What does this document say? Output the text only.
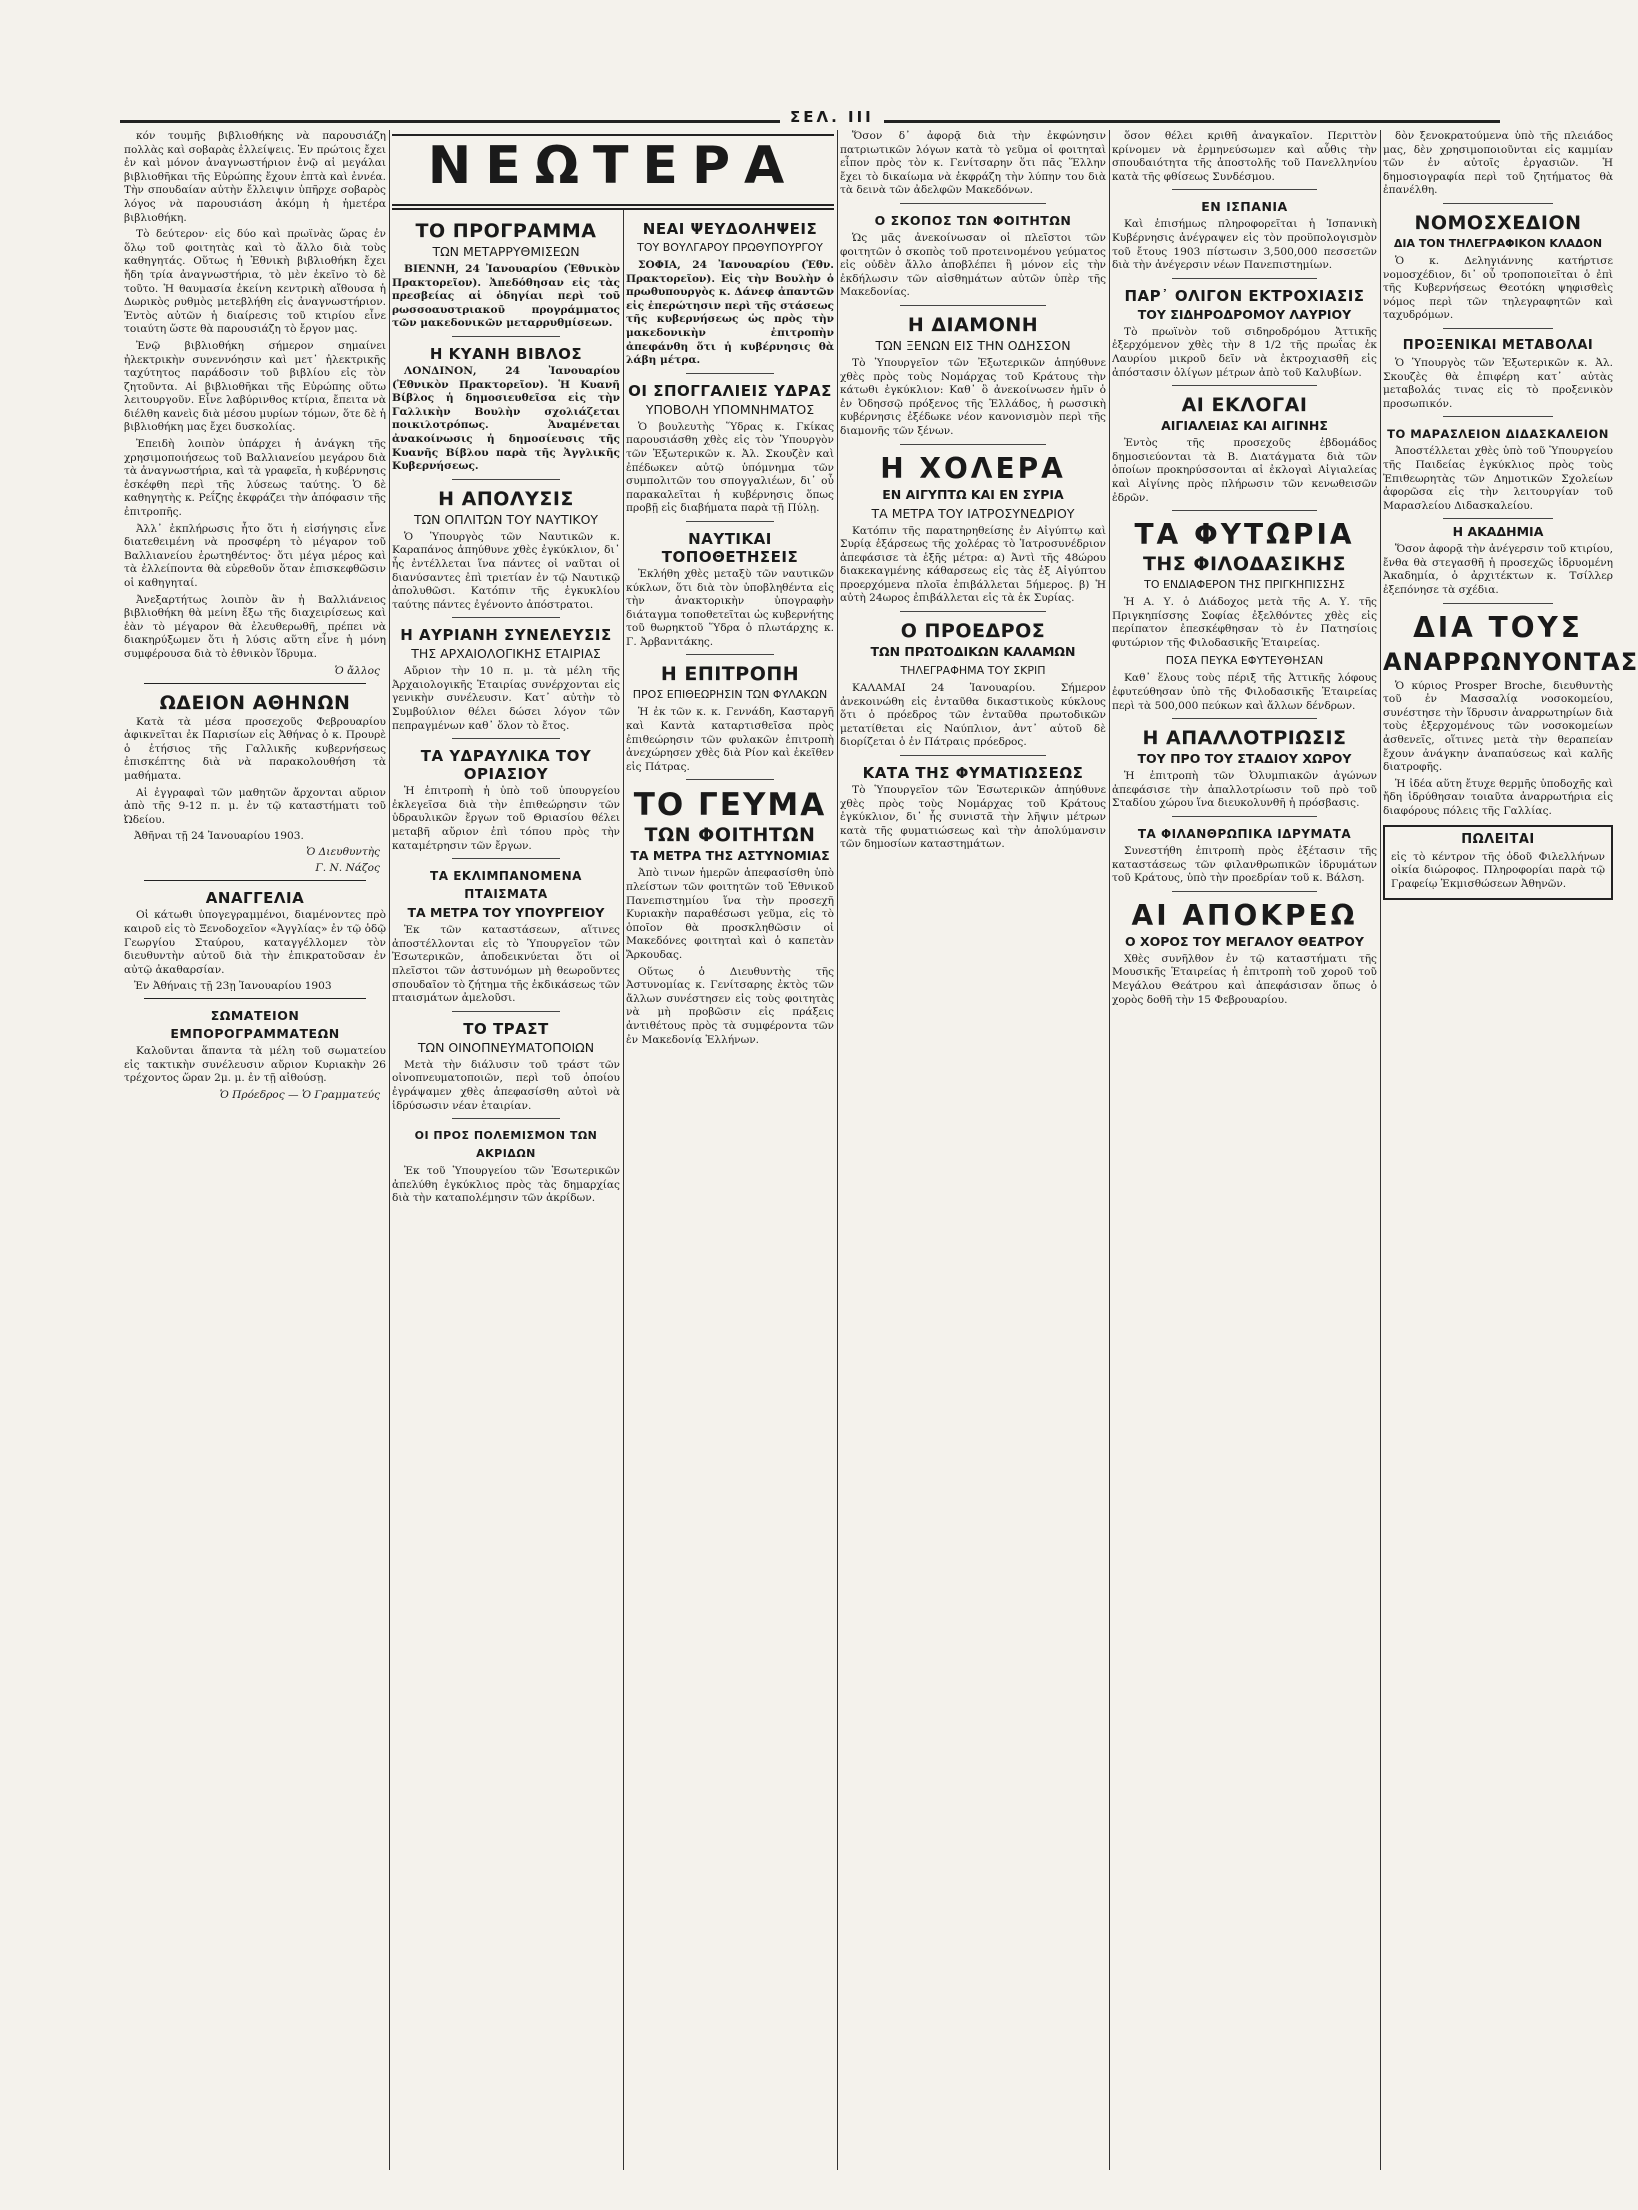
ΣΕΛ. III
ΝΕΩΤΕΡΑ

κόν τουμῆς βιβλιοθήκης νὰ παρουσιάζη πολλὰς καὶ σοβαρὰς ἐλλείψεις. Ἐν πρώτοις ἔχει ἐν καὶ μόνον ἀναγνωστήριον ἐνῷ αἱ μεγάλαι βιβλιοθῆκαι τῆς Εὐρώπης ἔχουν ἑπτὰ καὶ ἐννέα. Τὴν σπουδαίαν αὐτὴν ἔλλειψιν ὑπῆρχε σοβαρὸς λόγος νὰ παρουσιάση ἀκόμη ἡ ἡμετέρα βιβλιοθήκη.

Τὸ δεύτερον· εἰς δύο καὶ πρωϊνὰς ὥρας ἐν ὅλῳ τοῦ φοιτητὰς καὶ τὸ ἄλλο διὰ τοὺς καθηγητάς. Οὕτως ἡ Ἐθνικὴ βιβλιοθήκη ἔχει ἤδη τρία ἀναγνωστήρια, τὸ μὲν ἐκεῖνο τὸ δὲ τοῦτο. Ἡ θαυμασία ἐκείνη κεντρικὴ αἴθουσα ἡ Δωρικὸς ρυθμὸς μετεβλήθη εἰς ἀναγνωστήριον. Ἐντὸς αὐτῶν ἡ διαίρεσις τοῦ κτιρίου εἶνε τοιαύτη ὥστε θὰ παρουσιάζη τὸ ἔργον μας.

Ἐνῷ βιβλιοθήκη σήμερον σημαίνει ἠλεκτρικὴν συνεννόησιν καὶ μετ᾿ ἠλεκτρικῆς ταχύτητος παράδοσιν τοῦ βιβλίου εἰς τὸν ζητοῦντα. Αἱ βιβλιοθῆκαι τῆς Εὐρώπης οὕτω λειτουργοῦν. Εἶνε λαβύρινθος κτίρια, ἔπειτα νὰ διέλθη κανεὶς διὰ μέσου μυρίων τόμων, ὅτε δὲ ἡ βιβλιοθήκη μας ἔχει δυσκολίας.

Ἐπειδὴ λοιπὸν ὑπάρχει ἡ ἀνάγκη τῆς χρησιμοποιήσεως τοῦ Βαλλιανείου μεγάρου διὰ τὰ ἀναγνωστήρια, καὶ τὰ γραφεῖα, ἡ κυβέρνησις ἐσκέφθη περὶ τῆς λύσεως ταύτης. Ὁ δὲ καθηγητὴς κ. Ρεΐζης ἐκφράζει τὴν ἀπόφασιν τῆς ἐπιτροπῆς.

Ἀλλ᾿ ἐκπλήρωσις ἦτο ὅτι ἡ εἰσήγησις εἶνε διατεθειμένη νὰ προσφέρη τὸ μέγαρον τοῦ Βαλλιανείου ἐρωτηθέντος· ὅτι μέγα μέρος καὶ τὰ ἐλλείποντα θὰ εὑρεθοῦν ὅταν ἐπισκεφθῶσιν οἱ καθηγηταί.

Ἀνεξαρτήτως λοιπὸν ἂν ἡ Βαλλιάνειος βιβλιοθήκη θὰ μείνη ἔξω τῆς διαχειρίσεως καὶ ἐὰν τὸ μέγαρον θὰ ἐλευθερωθῆ, πρέπει νὰ διακηρύξωμεν ὅτι ἡ λύσις αὕτη εἶνε ἡ μόνη συμφέρουσα διὰ τὸ ἐθνικὸν ἵδρυμα.

Ὁ ἄλλος
ΩΔΕΙΟΝ ΑΘΗΝΩΝ

Κατὰ τὰ μέσα προσεχοῦς Φεβρουαρίου ἀφικνεῖται ἐκ Παρισίων εἰς Ἀθήνας ὁ κ. Προυρὲ ὁ ἐτήσιος τῆς Γαλλικῆς κυβερνήσεως ἐπισκέπτης διὰ νὰ παρακολουθήση τὰ μαθήματα.

Αἱ ἐγγραφαὶ τῶν μαθητῶν ἄρχονται αὔριον ἀπὸ τῆς 9-12 π. μ. ἐν τῷ καταστήματι τοῦ Ὠδείου.

Ἀθῆναι τῇ 24 Ἰανουαρίου 1903.
Ὁ Διευθυντὴς
Γ. Ν. Νάζος
ΑΝΑΓΓΕΛΙΑ

Οἱ κάτωθι ὑπογεγραμμένοι, διαμένοντες πρὸ καιροῦ εἰς τὸ Ξενοδοχεῖον «Ἀγγλίας» ἐν τῷ ὁδῷ Γεωργίου Σταύρου, καταγγέλλομεν τὸν διευθυντὴν αὐτοῦ διὰ τὴν ἐπικρατοῦσαν ἐν αὐτῷ ἀκαθαρσίαν.

Ἐν Ἀθήναις τῇ 23ῃ Ἰανουαρίου 1903
ΣΩΜΑΤΕΙΟΝ ΕΜΠΟΡΟΓΡΑΜΜΑΤΕΩΝ

Καλοῦνται ἅπαντα τὰ μέλη τοῦ σωματείου εἰς τακτικὴν συνέλευσιν αὔριον Κυριακὴν 26 τρέχοντος ὥραν 2μ. μ. ἐν τῇ αἰθούσῃ.

Ὁ Πρόεδρος — Ὁ Γραμματεύς
ΤΟ ΠΡΟΓΡΑΜΜΑ
ΤΩΝ ΜΕΤΑΡΡΥΘΜΙΣΕΩΝ

ΒΙΕΝΝΗ, 24 Ἰανουαρίου (Ἐθνικὸν Πρακτορεῖον). Ἀπεδόθησαν εἰς τὰς πρεσβείας αἱ ὁδηγίαι περὶ τοῦ ρωσσοαυστριακοῦ προγράμματος τῶν μακεδονικῶν μεταρρυθμίσεων.

Η ΚΥΑΝΗ ΒΙΒΛΟΣ

ΛΟΝΔΙΝΟΝ, 24 Ἰανουαρίου (Ἐθνικὸν Πρακτορεῖον). Ἡ Κυανῆ Βίβλος ἡ δημοσιευθεῖσα εἰς τὴν Γαλλικὴν Βουλὴν σχολιάζεται ποικιλοτρόπως. Ἀναμένεται ἀνακοίνωσις ἡ δημοσίευσις τῆς Κυανῆς Βίβλου παρὰ τῆς Ἀγγλικῆς Κυβερνήσεως.

Η ΑΠΟΛΥΣΙΣ
ΤΩΝ ΟΠΛΙΤΩΝ ΤΟΥ ΝΑΥΤΙΚΟΥ

Ὁ Ὑπουργὸς τῶν Ναυτικῶν κ. Καραπάνος ἀπηύθυνε χθὲς ἐγκύκλιον, δι᾿ ἧς ἐντέλλεται ἵνα πάντες οἱ ναῦται οἱ διανύσαντες ἐπὶ τριετίαν ἐν τῷ Ναυτικῷ ἀπολυθῶσι. Κατόπιν τῆς ἐγκυκλίου ταύτης πάντες ἐγένοντο ἀπόστρατοι.

Η ΑΥΡΙΑΝΗ ΣΥΝΕΛΕΥΣΙΣ
ΤΗΣ ΑΡΧΑΙΟΛΟΓΙΚΗΣ ΕΤΑΙΡΙΑΣ

Αὔριον τὴν 10 π. μ. τὰ μέλη τῆς Ἀρχαιολογικῆς Ἑταιρίας συνέρχονται εἰς γενικὴν συνέλευσιν. Κατ᾿ αὐτὴν τὸ Συμβούλιον θέλει δώσει λόγον τῶν πεπραγμένων καθ᾿ ὅλον τὸ ἔτος.

ΤΑ ΥΔΡΑΥΛΙΚΑ ΤΟΥ ΟΡΙΑΣΙΟΥ

Ἡ ἐπιτροπὴ ἡ ὑπὸ τοῦ ὑπουργείου ἐκλεγεῖσα διὰ τὴν ἐπιθεώρησιν τῶν ὑδραυλικῶν ἔργων τοῦ Θριασίου θέλει μεταβῆ αὔριον ἐπὶ τόπου πρὸς τὴν καταμέτρησιν τῶν ἔργων.

ΤΑ ΕΚΛΙΜΠΑΝΟΜΕΝΑ ΠΤΑΙΣΜΑΤΑ
ΤΑ ΜΕΤΡΑ ΤΟΥ ΥΠΟΥΡΓΕΙΟΥ

Ἐκ τῶν καταστάσεων, αἵτινες ἀποστέλλονται εἰς τὸ Ὑπουργεῖον τῶν Ἐσωτερικῶν, ἀποδεικνύεται ὅτι οἱ πλεῖστοι τῶν ἀστυνόμων μὴ θεωροῦντες σπουδαῖον τὸ ζήτημα τῆς ἐκδικάσεως τῶν πταισμάτων ἀμελοῦσι.

ΤΟ ΤΡΑΣΤ
ΤΩΝ ΟΙΝΟΠΝΕΥΜΑΤΟΠΟΙΩΝ

Μετὰ τὴν διάλυσιν τοῦ τράστ τῶν οἰνοπνευματοποιῶν, περὶ τοῦ ὁποίου ἐγράψαμεν χθὲς ἀπεφασίσθη αὐτοὶ νὰ ἱδρύσωσιν νέαν ἑταιρίαν.

ΟΙ ΠΡΟΣ ΠΟΛΕΜΙΣΜΟΝ ΤΩΝ ΑΚΡΙΔΩΝ

Ἐκ τοῦ Ὑπουργείου τῶν Ἐσωτερικῶν ἀπελύθη ἐγκύκλιος πρὸς τὰς δημαρχίας διὰ τὴν καταπολέμησιν τῶν ἀκρίδων.

ΝΕΑΙ ΨΕΥΔΟΛΗΨΕΙΣ
ΤΟΥ ΒΟΥΛΓΑΡΟΥ ΠΡΩΘΥΠΟΥΡΓΟΥ

ΣΟΦΙΑ, 24 Ἰανουαρίου (Ἐθν. Πρακτορεῖον). Εἰς τὴν Βουλὴν ὁ πρωθυπουργὸς κ. Δάνεφ ἀπαντῶν εἰς ἐπερώτησιν περὶ τῆς στάσεως τῆς κυβερνήσεως ὡς πρὸς τὴν μακεδονικὴν ἐπιτροπὴν ἀπεφάνθη ὅτι ἡ κυβέρνησις θὰ λάβη μέτρα.

ΟΙ ΣΠΟΓΓΑΛΙΕΙΣ ΥΔΡΑΣ
ΥΠΟΒΟΛΗ ΥΠΟΜΝΗΜΑΤΟΣ

Ὁ βουλευτὴς Ὕδρας κ. Γκίκας παρουσιάσθη χθὲς εἰς τὸν Ὑπουργὸν τῶν Ἐξωτερικῶν κ. Ἀλ. Σκουζὲν καὶ ἐπέδωκεν αὐτῷ ὑπόμνημα τῶν συμπολιτῶν του σπογγαλιέων, δι᾿ οὗ παρακαλεῖται ἡ κυβέρνησις ὅπως προβῇ εἰς διαβήματα παρὰ τῇ Πύλῃ.

ΝΑΥΤΙΚΑΙ ΤΟΠΟΘΕΤΗΣΕΙΣ

Ἐκλήθη χθὲς μεταξὺ τῶν ναυτικῶν κύκλων, ὅτι διὰ τὸν ὑποβληθέντα εἰς τὴν ἀνακτορικὴν ὑπογραφὴν διάταγμα τοποθετεῖται ὡς κυβερνήτης τοῦ θωρηκτοῦ Ὕδρα ὁ πλωτάρχης κ. Γ. Ἀρβανιτάκης.

Η ΕΠΙΤΡΟΠΗ
ΠΡΟΣ ΕΠΙΘΕΩΡΗΣΙΝ ΤΩΝ ΦΥΛΑΚΩΝ

Ἡ ἐκ τῶν κ. κ. Γεννάδη, Κασταργῆ καὶ Καντὰ καταρτισθεῖσα πρὸς ἐπιθεώρησιν τῶν φυλακῶν ἐπιτροπὴ ἀνεχώρησεν χθὲς διὰ Ρίον καὶ ἐκεῖθεν εἰς Πάτρας.

ΤΟ ΓΕΥΜΑ
ΤΩΝ ΦΟΙΤΗΤΩΝ
ΤΑ ΜΕΤΡΑ ΤΗΣ ΑΣΤΥΝΟΜΙΑΣ

Ἀπὸ τινων ἡμερῶν ἀπεφασίσθη ὑπὸ πλείστων τῶν φοιτητῶν τοῦ Ἐθνικοῦ Πανεπιστημίου ἵνα τὴν προσεχῆ Κυριακὴν παραθέσωσι γεῦμα, εἰς τὸ ὁποῖον θὰ προσκληθῶσιν οἱ Μακεδόνες φοιτηταὶ καὶ ὁ καπετὰν Ἄρκουδας.

Οὕτως ὁ Διευθυντὴς τῆς Ἀστυνομίας κ. Γενίτσαρης ἐκτὸς τῶν ἄλλων συνέστησεν εἰς τοὺς φοιτητὰς νὰ μὴ προβῶσιν εἰς πράξεις ἀντιθέτους πρὸς τὰ συμφέροντα τῶν ἐν Μακεδονίᾳ Ἑλλήνων.

Ὅσον δ᾿ ἀφορᾷ διὰ τὴν ἐκφώνησιν πατριωτικῶν λόγων κατὰ τὸ γεῦμα οἱ φοιτηταὶ εἶπον πρὸς τὸν κ. Γενίτσαρην ὅτι πᾶς Ἕλλην ἔχει τὸ δικαίωμα νὰ ἐκφράζη τὴν λύπην του διὰ τὰ δεινὰ τῶν ἀδελφῶν Μακεδόνων.

Ο ΣΚΟΠΟΣ ΤΩΝ ΦΟΙΤΗΤΩΝ

Ὡς μᾶς ἀνεκοίνωσαν οἱ πλεῖστοι τῶν φοιτητῶν ὁ σκοπὸς τοῦ προτεινομένου γεύματος εἰς οὐδὲν ἄλλο ἀποβλέπει ἢ μόνον εἰς τὴν ἐκδήλωσιν τῶν αἰσθημάτων αὐτῶν ὑπὲρ τῆς Μακεδονίας.

Η ΔΙΑΜΟΝΗ
ΤΩΝ ΞΕΝΩΝ ΕΙΣ ΤΗΝ ΟΔΗΣΣΟΝ

Τὸ Ὑπουργεῖον τῶν Ἐξωτερικῶν ἀπηύθυνε χθὲς πρὸς τοὺς Νομάρχας τοῦ Κράτους τὴν κάτωθι ἐγκύκλιον: Καθ᾿ ὃ ἀνεκοίνωσεν ἡμῖν ὁ ἐν Ὀδησσῷ πρόξενος τῆς Ἑλλάδος, ἡ ρωσσικὴ κυβέρνησις ἐξέδωκε νέον κανονισμὸν περὶ τῆς διαμονῆς τῶν ξένων.

Η ΧΟΛΕΡΑ
ΕΝ ΑΙΓΥΠΤΩ ΚΑΙ ΕΝ ΣΥΡΙΑ
ΤΑ ΜΕΤΡΑ ΤΟΥ ΙΑΤΡΟΣΥΝΕΔΡΙΟΥ

Κατόπιν τῆς παρατηρηθείσης ἐν Αἰγύπτῳ καὶ Συρίᾳ ἐξάρσεως τῆς χολέρας τὸ Ἰατροσυνέδριον ἀπεφάσισε τὰ ἑξῆς μέτρα: α) Ἀντὶ τῆς 48ώρου διακεκαγμένης κάθαρσεως εἰς τὰς ἐξ Αἰγύπτου προερχόμενα πλοῖα ἐπιβάλλεται 5ήμερος. β) Ἡ αὐτὴ 24ωρος ἐπιβάλλεται εἰς τὰ ἐκ Συρίας.

Ο ΠΡΟΕΔΡΟΣ
ΤΩΝ ΠΡΩΤΟΔΙΚΩΝ ΚΑΛΑΜΩΝ
ΤΗΛΕΓΡΑΦΗΜΑ ΤΟΥ ΣΚΡΙΠ

ΚΑΛΑΜΑΙ 24 Ἰανουαρίου. Σήμερον ἀνεκοινώθη εἰς ἐνταῦθα δικαστικοὺς κύκλους ὅτι ὁ πρόεδρος τῶν ἐνταῦθα πρωτοδικῶν μετατίθεται εἰς Ναύπλιον, ἀντ᾿ αὐτοῦ δὲ διορίζεται ὁ ἐν Πάτραις πρόεδρος.

ΚΑΤΑ ΤΗΣ ΦΥΜΑΤΙΩΣΕΩΣ

Τὸ Ὑπουργεῖον τῶν Ἐσωτερικῶν ἀπηύθυνε χθὲς πρὸς τοὺς Νομάρχας τοῦ Κράτους ἐγκύκλιον, δι᾿ ἧς συνιστᾶ τὴν λῆψιν μέτρων κατὰ τῆς φυματιώσεως καὶ τὴν ἀπολύμανσιν τῶν δημοσίων καταστημάτων.

ὅσον θέλει κριθῆ ἀναγκαῖον. Περιττὸν κρίνομεν νὰ ἐρμηνεύσωμεν καὶ αὖθις τὴν σπουδαιότητα τῆς ἀποστολῆς τοῦ Πανελληνίου κατὰ τῆς φθίσεως Συνδέσμου.

ΕΝ ΙΣΠΑΝΙΑ

Καὶ ἐπισήμως πληροφορεῖται ἡ Ἱσπανικὴ Κυβέρνησις ἀνέγραψεν εἰς τὸν προϋπολογισμὸν τοῦ ἔτους 1903 πίστωσιν 3,500,000 πεσσετῶν διὰ τὴν ἀνέγερσιν νέων Πανεπιστημίων.

ΠΑΡ᾿ ΟΛΙΓΟΝ ΕΚΤΡΟΧΙΑΣΙΣ
ΤΟΥ ΣΙΔΗΡΟΔΡΟΜΟΥ ΛΑΥΡΙΟΥ

Τὸ πρωϊνὸν τοῦ σιδηροδρόμου Ἀττικῆς ἐξερχόμενον χθὲς τὴν 8 1/2 τῆς πρωΐας ἐκ Λαυρίου μικροῦ δεῖν νὰ ἐκτροχιασθῆ εἰς ἀπόστασιν ὀλίγων μέτρων ἀπὸ τοῦ Καλυβίων.

ΑΙ ΕΚΛΟΓΑΙ
ΑΙΓΙΑΛΕΙΑΣ ΚΑΙ ΑΙΓΙΝΗΣ

Ἐντὸς τῆς προσεχοῦς ἑβδομάδος δημοσιεύονται τὰ Β. Διατάγματα διὰ τῶν ὁποίων προκηρύσσονται αἱ ἐκλογαὶ Αἰγιαλείας καὶ Αἰγίνης πρὸς πλήρωσιν τῶν κενωθεισῶν ἐδρῶν.

ΤΑ ΦΥΤΩΡΙΑ
ΤΗΣ ΦΙΛΟΔΑΣΙΚΗΣ
ΤΟ ΕΝΔΙΑΦΕΡΟΝ ΤΗΣ ΠΡΙΓΚΗΠΙΣΣΗΣ

Ἡ Α. Υ. ὁ Διάδοχος μετὰ τῆς Α. Υ. τῆς Πριγκηπίσσης Σοφίας ἐξελθόντες χθὲς εἰς περίπατον ἐπεσκέφθησαν τὸ ἐν Πατησίοις φυτώριον τῆς Φιλοδασικῆς Ἑταιρείας.

ΠΟΣΑ ΠΕΥΚΑ ΕΦΥΤΕΥΘΗΣΑΝ

Καθ᾿ ἕλους τοὺς πέριξ τῆς Ἀττικῆς λόφους ἐφυτεύθησαν ὑπὸ τῆς Φιλοδασικῆς Ἑταιρείας περὶ τὰ 500,000 πεύκων καὶ ἄλλων δένδρων.

Η ΑΠΑΛΛΟΤΡΙΩΣΙΣ
ΤΟΥ ΠΡΟ ΤΟΥ ΣΤΑΔΙΟΥ ΧΩΡΟΥ

Ἡ ἐπιτροπὴ τῶν Ὀλυμπιακῶν ἀγώνων ἀπεφάσισε τὴν ἀπαλλοτρίωσιν τοῦ πρὸ τοῦ Σταδίου χώρου ἵνα διευκολυνθῆ ἡ πρόσβασις.

ΤΑ ΦΙΛΑΝΘΡΩΠΙΚΑ ΙΔΡΥΜΑΤΑ

Συνεστήθη ἐπιτροπὴ πρὸς ἐξέτασιν τῆς καταστάσεως τῶν φιλανθρωπικῶν ἱδρυμάτων τοῦ Κράτους, ὑπὸ τὴν προεδρίαν τοῦ κ. Βάλση.

ΑΙ ΑΠΟΚΡΕΩ
Ο ΧΟΡΟΣ ΤΟΥ ΜΕΓΑΛΟΥ ΘΕΑΤΡΟΥ

Χθὲς συνῆλθον ἐν τῷ καταστήματι τῆς Μουσικῆς Ἑταιρείας ἡ ἐπιτροπὴ τοῦ χοροῦ τοῦ Μεγάλου Θεάτρου καὶ ἀπεφάσισαν ὅπως ὁ χορὸς δοθῆ τὴν 15 Φεβρουαρίου.

δὸν ξενοκρατούμενα ὑπὸ τῆς πλειάδος μας, δὲν χρησιμοποιοῦνται εἰς καμμίαν τῶν ἐν αὐτοῖς ἐργασιῶν. Ἡ δημοσιογραφία περὶ τοῦ ζητήματος θὰ ἐπανέλθη.

ΝΟΜΟΣΧΕΔΙΟΝ
ΔΙΑ ΤΟΝ ΤΗΛΕΓΡΑΦΙΚΟΝ ΚΛΑΔΟΝ

Ὁ κ. Δεληγιάννης κατήρτισε νομοσχέδιον, δι᾿ οὗ τροποποιεῖται ὁ ἐπὶ τῆς Κυβερνήσεως Θεοτόκη ψηφισθεὶς νόμος περὶ τῶν τηλεγραφητῶν καὶ ταχυδρόμων.

ΠΡΟΞΕΝΙΚΑΙ ΜΕΤΑΒΟΛΑΙ

Ὁ Ὑπουργὸς τῶν Ἐξωτερικῶν κ. Ἀλ. Σκουζὲς θὰ ἐπιφέρη κατ᾿ αὐτὰς μεταβολάς τινας εἰς τὸ προξενικὸν προσωπικόν.

ΤΟ ΜΑΡΑΣΛΕΙΟΝ ΔΙΔΑΣΚΑΛΕΙΟΝ

Ἀποστέλλεται χθὲς ὑπὸ τοῦ Ὑπουργείου τῆς Παιδείας ἐγκύκλιος πρὸς τοὺς Ἐπιθεωρητὰς τῶν Δημοτικῶν Σχολείων ἀφορῶσα εἰς τὴν λειτουργίαν τοῦ Μαρασλείου Διδασκαλείου.

Η ΑΚΑΔΗΜΙΑ

Ὅσον ἀφορᾷ τὴν ἀνέγερσιν τοῦ κτιρίου, ἔνθα θὰ στεγασθῆ ἡ προσεχῶς ἱδρυομένη Ἀκαδημία, ὁ ἀρχιτέκτων κ. Τσίλλερ ἐξεπόνησε τὰ σχέδια.

ΔΙΑ ΤΟΥΣ
ΑΝΑΡΡΩΝΥΟΝΤΑΣ

Ὁ κύριος Prosper Broche, διευθυντὴς τοῦ ἐν Μασσαλίᾳ νοσοκομείου, συνέστησε τὴν ἵδρυσιν ἀναρρωτηρίων διὰ τοὺς ἐξερχομένους τῶν νοσοκομείων ἀσθενεῖς, οἵτινες μετὰ τὴν θεραπείαν ἔχουν ἀνάγκην ἀναπαύσεως καὶ καλῆς διατροφῆς.

Ἡ ἰδέα αὕτη ἔτυχε θερμῆς ὑποδοχῆς καὶ ἤδη ἱδρύθησαν τοιαῦτα ἀναρρωτήρια εἰς διαφόρους πόλεις τῆς Γαλλίας.

ΠΩΛΕΙΤΑΙ

εἰς τὸ κέντρον τῆς ὁδοῦ Φιλελλήνων οἰκία διώροφος. Πληροφορίαι παρὰ τῷ Γραφείῳ Ἐκμισθώσεων Ἀθηνῶν.
